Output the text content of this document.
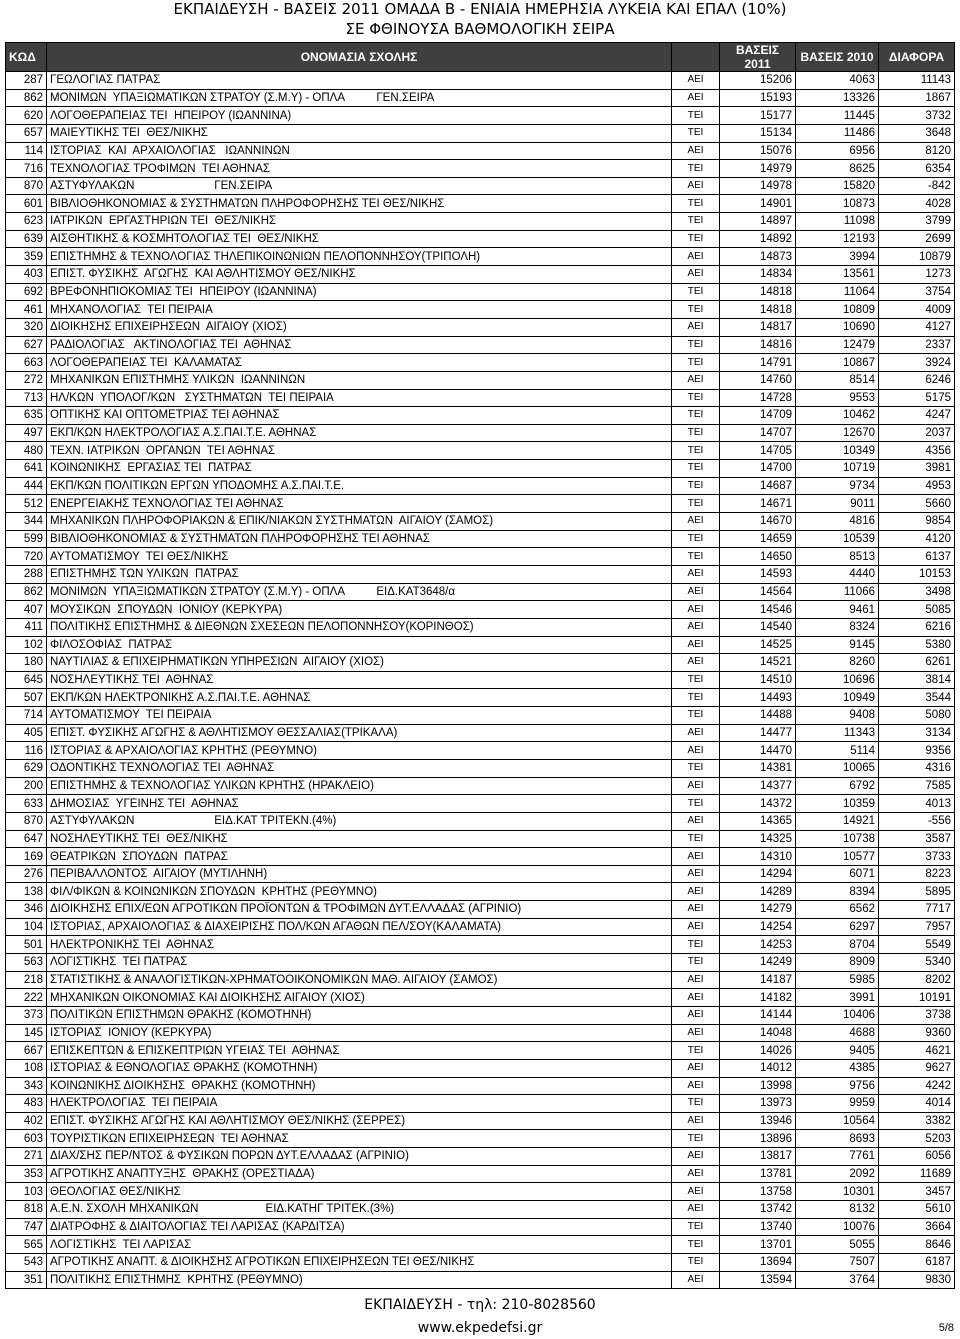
ΕΚΠΑΙΔΕΥΣΗ - ΒΑΣΕΙΣ 2011 ΟΜΑΔΑ Β - ΕΝΙΑΙΑ ΗΜΕΡΗΣΙΑ ΛΥΚΕΙΑ ΚΑΙ ΕΠΑΛ (10%)
ΣΕ ΦΘΙΝΟΥΣΑ ΒΑΘΜΟΛΟΓΙΚΗ ΣΕΙΡΑ
ΚΩΔ	ΟΝΟΜΑΣΙΑ ΣΧΟΛΗΣ		ΒΑΣΕΙΣ 2011	ΒΑΣΕΙΣ 2010	ΔΙΑΦΟΡΑ
287	ΓΕΩΛΟΓΙΑΣ ΠΑΤΡΑΣ	ΑΕΙ	15206	4063	11143
862	ΜΟΝΙΜΩΝ  ΥΠΑΞΙΩΜΑΤΙΚΩΝ ΣΤΡΑΤΟΥ (Σ.Μ.Υ) - ΟΠΛΑ          ΓΕΝ.ΣΕΙΡΑ	ΑΕΙ	15193	13326	1867
620	ΛΟΓΟΘΕΡΑΠΕΙΑΣ ΤΕΙ  ΗΠΕΙΡΟΥ (ΙΩΑΝΝΙΝΑ)	ΤΕΙ	15177	11445	3732
657	ΜΑΙΕΥΤΙΚΗΣ ΤΕΙ  ΘΕΣ/ΝΙΚΗΣ	ΤΕΙ	15134	11486	3648
114	ΙΣΤΟΡΙΑΣ  ΚΑΙ  ΑΡΧΑΙΟΛΟΓΙΑΣ   ΙΩΑΝΝΙΝΩΝ	ΑΕΙ	15076	6956	8120
716	ΤΕΧΝΟΛΟΓΙΑΣ ΤΡΟΦΙΜΩΝ  ΤΕΙ ΑΘΗΝΑΣ	ΤΕΙ	14979	8625	6354
870	ΑΣΤΥΦΥΛΑΚΩΝ                         ΓΕΝ.ΣΕΙΡΑ	ΑΕΙ	14978	15820	-842
601	ΒΙΒΛΙΟΘΗΚΟΝΟΜΙΑΣ & ΣΥΣΤΗΜΑΤΩΝ ΠΛΗΡΟΦΟΡΗΣΗΣ ΤΕΙ ΘΕΣ/ΝΙΚΗΣ	ΤΕΙ	14901	10873	4028
623	ΙΑΤΡΙΚΩΝ  ΕΡΓΑΣΤΗΡΙΩΝ ΤΕΙ  ΘΕΣ/ΝΙΚΗΣ	ΤΕΙ	14897	11098	3799
639	ΑΙΣΘΗΤΙΚΗΣ & ΚΟΣΜΗΤΟΛΟΓΙΑΣ ΤΕΙ  ΘΕΣ/ΝΙΚΗΣ	ΤΕΙ	14892	12193	2699
359	ΕΠΙΣΤΗΜΗΣ & ΤΕΧΝΟΛΟΓΙΑΣ ΤΗΛΕΠΙΚΟΙΝΩΝΙΩΝ ΠΕΛΟΠΟΝΝΗΣΟΥ(ΤΡΙΠΟΛΗ)	ΑΕΙ	14873	3994	10879
403	ΕΠΙΣΤ. ΦΥΣΙΚΗΣ  ΑΓΩΓΗΣ  ΚΑΙ ΑΘΛΗΤΙΣΜΟΥ ΘΕΣ/ΝΙΚΗΣ	ΑΕΙ	14834	13561	1273
692	ΒΡΕΦΟΝΗΠΙΟΚΟΜΙΑΣ ΤΕΙ  ΗΠΕΙΡΟΥ (ΙΩΑΝΝΙΝΑ)	ΤΕΙ	14818	11064	3754
461	ΜΗΧΑΝΟΛΟΓΙΑΣ  ΤΕΙ ΠΕΙΡΑΙΑ	ΤΕΙ	14818	10809	4009
320	ΔΙΟΙΚΗΣΗΣ ΕΠΙΧΕΙΡΗΣΕΩΝ  ΑΙΓΑΙΟΥ (ΧΙΟΣ)	ΑΕΙ	14817	10690	4127
627	ΡΑΔΙΟΛΟΓΙΑΣ   ΑΚΤΙΝΟΛΟΓΙΑΣ ΤΕΙ  ΑΘΗΝΑΣ	ΤΕΙ	14816	12479	2337
663	ΛΟΓΟΘΕΡΑΠΕΙΑΣ ΤΕΙ  ΚΑΛΑΜΑΤΑΣ	ΤΕΙ	14791	10867	3924
272	ΜΗΧΑΝΙΚΩΝ ΕΠΙΣΤΗΜΗΣ ΥΛΙΚΩΝ  ΙΩΑΝΝΙΝΩΝ	ΑΕΙ	14760	8514	6246
713	ΗΛ/ΚΩΝ  ΥΠΟΛΟΓ/ΚΩΝ   ΣΥΣΤΗΜΑΤΩΝ  ΤΕΙ ΠΕΙΡΑΙΑ	ΤΕΙ	14728	9553	5175
635	ΟΠΤΙΚΗΣ ΚΑΙ ΟΠΤΟΜΕΤΡΙΑΣ ΤΕΙ ΑΘΗΝΑΣ	ΤΕΙ	14709	10462	4247
497	ΕΚΠ/ΚΩΝ ΗΛΕΚΤΡΟΛΟΓΙΑΣ Α.Σ.ΠΑΙ.Τ.Ε. ΑΘΗΝΑΣ	ΤΕΙ	14707	12670	2037
480	ΤΕΧΝ. ΙΑΤΡΙΚΩΝ  ΟΡΓΑΝΩΝ  ΤΕΙ ΑΘΗΝΑΣ	ΤΕΙ	14705	10349	4356
641	ΚΟΙΝΩΝΙΚΗΣ  ΕΡΓΑΣΙΑΣ ΤΕΙ  ΠΑΤΡΑΣ	ΤΕΙ	14700	10719	3981
444	ΕΚΠ/ΚΩΝ ΠΟΛΙΤΙΚΩΝ ΕΡΓΩΝ ΥΠΟΔΟΜΗΣ Α.Σ.ΠΑΙ.Τ.Ε.	ΤΕΙ	14687	9734	4953
512	ΕΝΕΡΓΕΙΑΚΗΣ ΤΕΧΝΟΛΟΓΙΑΣ ΤΕΙ ΑΘΗΝΑΣ	ΤΕΙ	14671	9011	5660
344	ΜΗΧΑΝΙΚΩΝ ΠΛΗΡΟΦΟΡΙΑΚΩΝ & ΕΠΙΚ/ΝΙΑΚΩΝ ΣΥΣΤΗΜΑΤΩΝ  ΑΙΓΑΙΟΥ (ΣΑΜΟΣ)	ΑΕΙ	14670	4816	9854
599	ΒΙΒΛΙΟΘΗΚΟΝΟΜΙΑΣ & ΣΥΣΤΗΜΑΤΩΝ ΠΛΗΡΟΦΟΡΗΣΗΣ ΤΕΙ ΑΘΗΝΑΣ	ΤΕΙ	14659	10539	4120
720	ΑΥΤΟΜΑΤΙΣΜΟΥ  ΤΕΙ ΘΕΣ/ΝΙΚΗΣ	ΤΕΙ	14650	8513	6137
288	ΕΠΙΣΤΗΜΗΣ ΤΩΝ ΥΛΙΚΩΝ  ΠΑΤΡΑΣ	ΑΕΙ	14593	4440	10153
862	ΜΟΝΙΜΩΝ  ΥΠΑΞΙΩΜΑΤΙΚΩΝ ΣΤΡΑΤΟΥ (Σ.Μ.Υ) - ΟΠΛΑ          ΕΙΔ.ΚΑΤ3648/α	ΑΕΙ	14564	11066	3498
407	ΜΟΥΣΙΚΩΝ  ΣΠΟΥΔΩΝ  ΙΟΝΙΟΥ (ΚΕΡΚΥΡΑ)	ΑΕΙ	14546	9461	5085
411	ΠΟΛΙΤΙΚΗΣ ΕΠΙΣΤΗΜΗΣ & ΔΙΕΘΝΩΝ ΣΧΕΣΕΩΝ ΠΕΛΟΠΟΝΝΗΣΟΥ(ΚΟΡΙΝΘΟΣ)	ΑΕΙ	14540	8324	6216
102	ΦΙΛΟΣΟΦΙΑΣ  ΠΑΤΡΑΣ	ΑΕΙ	14525	9145	5380
180	ΝΑΥΤΙΛΙΑΣ & ΕΠΙΧΕΙΡΗΜΑΤΙΚΩΝ ΥΠΗΡΕΣΙΩΝ  ΑΙΓΑΙΟΥ (ΧΙΟΣ)	ΑΕΙ	14521	8260	6261
645	ΝΟΣΗΛΕΥΤΙΚΗΣ ΤΕΙ  ΑΘΗΝΑΣ	ΤΕΙ	14510	10696	3814
507	ΕΚΠ/ΚΩΝ ΗΛΕΚΤΡΟΝΙΚΗΣ Α.Σ.ΠΑΙ.Τ.Ε. ΑΘΗΝΑΣ	ΤΕΙ	14493	10949	3544
714	ΑΥΤΟΜΑΤΙΣΜΟΥ  ΤΕΙ ΠΕΙΡΑΙΑ	ΤΕΙ	14488	9408	5080
405	ΕΠΙΣΤ. ΦΥΣΙΚΗΣ ΑΓΩΓΗΣ & ΑΘΛΗΤΙΣΜΟΥ ΘΕΣΣΑΛΙΑΣ(ΤΡΙΚΑΛΑ)	ΑΕΙ	14477	11343	3134
116	ΙΣΤΟΡΙΑΣ & ΑΡΧΑΙΟΛΟΓΙΑΣ ΚΡΗΤΗΣ (ΡΕΘΥΜΝΟ)	ΑΕΙ	14470	5114	9356
629	ΟΔΟΝΤΙΚΗΣ ΤΕΧΝΟΛΟΓΙΑΣ ΤΕΙ  ΑΘΗΝΑΣ	ΤΕΙ	14381	10065	4316
200	ΕΠΙΣΤΗΜΗΣ & ΤΕΧΝΟΛΟΓΙΑΣ ΥΛΙΚΩΝ ΚΡΗΤΗΣ (ΗΡΑΚΛΕΙΟ)	ΑΕΙ	14377	6792	7585
633	ΔΗΜΟΣΙΑΣ  ΥΓΕΙΝΗΣ ΤΕΙ  ΑΘΗΝΑΣ	ΤΕΙ	14372	10359	4013
870	ΑΣΤΥΦΥΛΑΚΩΝ                         ΕΙΔ.ΚΑΤ ΤΡΙΤΕΚΝ.(4%)	ΑΕΙ	14365	14921	-556
647	ΝΟΣΗΛΕΥΤΙΚΗΣ ΤΕΙ  ΘΕΣ/ΝΙΚΗΣ	ΤΕΙ	14325	10738	3587
169	ΘΕΑΤΡΙΚΩΝ  ΣΠΟΥΔΩΝ  ΠΑΤΡΑΣ	ΑΕΙ	14310	10577	3733
276	ΠΕΡΙΒΑΛΛΟΝΤΟΣ  ΑΙΓΑΙΟΥ (ΜΥΤΙΛΗΝΗ)	ΑΕΙ	14294	6071	8223
138	ΦΙΛ/ΦΙΚΩΝ & ΚΟΙΝΩΝΙΚΩΝ ΣΠΟΥΔΩΝ  ΚΡΗΤΗΣ (ΡΕΘΥΜΝΟ)	ΑΕΙ	14289	8394	5895
346	ΔΙΟΙΚΗΣΗΣ ΕΠΙΧ/ΕΩΝ ΑΓΡΟΤΙΚΩΝ ΠΡΟΪΟΝΤΩΝ & ΤΡΟΦΙΜΩΝ ΔΥΤ.ΕΛΛΑΔΑΣ (ΑΓΡΙΝΙΟ)	ΑΕΙ	14279	6562	7717
104	ΙΣΤΟΡΙΑΣ, ΑΡΧΑΙΟΛΟΓΙΑΣ & ΔΙΑΧΕΙΡΙΣΗΣ ΠΟΛ/ΚΩΝ ΑΓΑΘΩΝ ΠΕΛ/ΣΟΥ(ΚΑΛΑΜΑΤΑ)	ΑΕΙ	14254	6297	7957
501	ΗΛΕΚΤΡΟΝΙΚΗΣ ΤΕΙ  ΑΘΗΝΑΣ	ΤΕΙ	14253	8704	5549
563	ΛΟΓΙΣΤΙΚΗΣ  ΤΕΙ ΠΑΤΡΑΣ	ΤΕΙ	14249	8909	5340
218	ΣΤΑΤΙΣΤΙΚΗΣ & ΑΝΑΛΟΓΙΣΤΙΚΩΝ-ΧΡΗΜΑΤΟΟΙΚΟΝΟΜΙΚΩΝ ΜΑΘ. ΑΙΓΑΙΟΥ (ΣΑΜΟΣ)	ΑΕΙ	14187	5985	8202
222	ΜΗΧΑΝΙΚΩΝ ΟΙΚΟΝΟΜΙΑΣ ΚΑΙ ΔΙΟΙΚΗΣΗΣ ΑΙΓΑΙΟΥ (ΧΙΟΣ)	ΑΕΙ	14182	3991	10191
373	ΠΟΛΙΤΙΚΩΝ ΕΠΙΣΤΗΜΩΝ ΘΡΑΚΗΣ (ΚΟΜΟΤΗΝΗ)	ΑΕΙ	14144	10406	3738
145	ΙΣΤΟΡΙΑΣ  ΙΟΝΙΟΥ (ΚΕΡΚΥΡΑ)	ΑΕΙ	14048	4688	9360
667	ΕΠΙΣΚΕΠΤΩΝ & ΕΠΙΣΚΕΠΤΡΙΩΝ ΥΓΕΙΑΣ ΤΕΙ  ΑΘΗΝΑΣ	ΤΕΙ	14026	9405	4621
108	ΙΣΤΟΡΙΑΣ & ΕΘΝΟΛΟΓΙΑΣ ΘΡΑΚΗΣ (ΚΟΜΟΤΗΝΗ)	ΑΕΙ	14012	4385	9627
343	ΚΟΙΝΩΝΙΚΗΣ ΔΙΟΙΚΗΣΗΣ  ΘΡΑΚΗΣ (ΚΟΜΟΤΗΝΗ)	ΑΕΙ	13998	9756	4242
483	ΗΛΕΚΤΡΟΛΟΓΙΑΣ  ΤΕΙ ΠΕΙΡΑΙΑ	ΤΕΙ	13973	9959	4014
402	ΕΠΙΣΤ. ΦΥΣΙΚΗΣ ΑΓΩΓΗΣ ΚΑΙ ΑΘΛΗΤΙΣΜΟΥ ΘΕΣ/ΝΙΚΗΣ (ΣΕΡΡΕΣ)	ΑΕΙ	13946	10564	3382
603	ΤΟΥΡΙΣΤΙΚΩΝ ΕΠΙΧΕΙΡΗΣΕΩΝ  ΤΕΙ ΑΘΗΝΑΣ	ΤΕΙ	13896	8693	5203
271	ΔΙΑΧ/ΣΗΣ ΠΕΡ/ΝΤΟΣ & ΦΥΣΙΚΩΝ ΠΟΡΩΝ ΔΥΤ.ΕΛΛΑΔΑΣ (ΑΓΡΙΝΙΟ)	ΑΕΙ	13817	7761	6056
353	ΑΓΡΟΤΙΚΗΣ ΑΝΑΠΤΥΞΗΣ  ΘΡΑΚΗΣ (ΟΡΕΣΤΙΑΔΑ)	ΑΕΙ	13781	2092	11689
103	ΘΕΟΛΟΓΙΑΣ ΘΕΣ/ΝΙΚΗΣ	ΑΕΙ	13758	10301	3457
818	Α.Ε.Ν. ΣΧΟΛΗ ΜΗΧΑΝΙΚΩΝ                     ΕΙΔ.ΚΑΤΗΓ ΤΡΙΤΕΚ.(3%)	ΑΕΙ	13742	8132	5610
747	ΔΙΑΤΡΟΦΗΣ & ΔΙΑΙΤΟΛΟΓΙΑΣ ΤΕΙ ΛΑΡΙΣΑΣ (ΚΑΡΔΙΤΣΑ)	ΤΕΙ	13740	10076	3664
565	ΛΟΓΙΣΤΙΚΗΣ  ΤΕΙ ΛΑΡΙΣΑΣ	ΤΕΙ	13701	5055	8646
543	ΑΓΡΟΤΙΚΗΣ ΑΝΑΠΤ. & ΔΙΟΙΚΗΣΗΣ ΑΓΡΟΤΙΚΩΝ ΕΠΙΧΕΙΡΗΣΕΩΝ ΤΕΙ ΘΕΣ/ΝΙΚΗΣ	ΤΕΙ	13694	7507	6187
351	ΠΟΛΙΤΙΚΗΣ ΕΠΙΣΤΗΜΗΣ  ΚΡΗΤΗΣ (ΡΕΘΥΜΝΟ)	ΑΕΙ	13594	3764	9830
ΕΚΠΑΙΔΕΥΣΗ - τηλ: 210-8028560
www.ekpedefsi.gr	5/8
